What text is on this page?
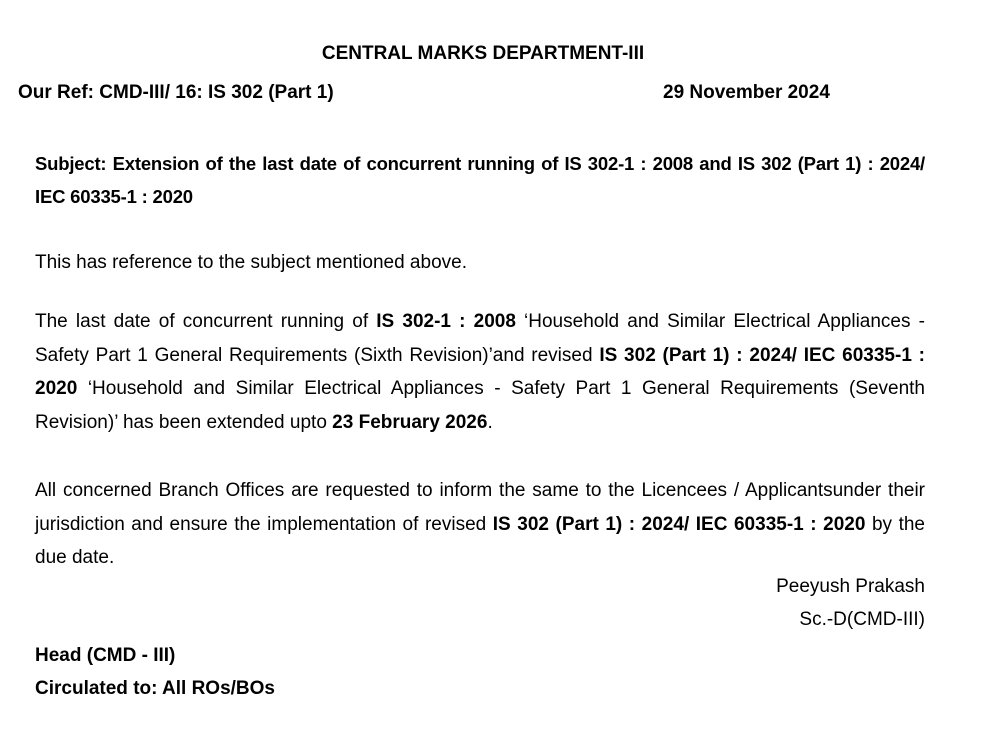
CENTRAL MARKS DEPARTMENT-III
Our Ref: CMD-III/ 16: IS 302 (Part 1)	29 November 2024
Subject: Extension of the last date of concurrent running of IS 302-1 : 2008 and IS 302 (Part 1) : 2024/ IEC 60335-1 : 2020
This has reference to the subject mentioned above.
The last date of concurrent running of IS 302-1 : 2008 ‘Household and Similar Electrical Appliances - Safety Part 1 General Requirements (Sixth Revision)’and revised IS 302 (Part 1) : 2024/ IEC 60335-1 : 2020 ‘Household and Similar Electrical Appliances - Safety Part 1 General Requirements (Seventh Revision)’ has been extended upto 23 February 2026.
All concerned Branch Offices are requested to inform the same to the Licencees / Applicantsunder their jurisdiction and ensure the implementation of revised IS 302 (Part 1) : 2024/ IEC 60335-1 : 2020 by the due date.
Peeyush Prakash
Sc.-D(CMD-III)
Head (CMD - III)
Circulated to: All ROs/BOs
